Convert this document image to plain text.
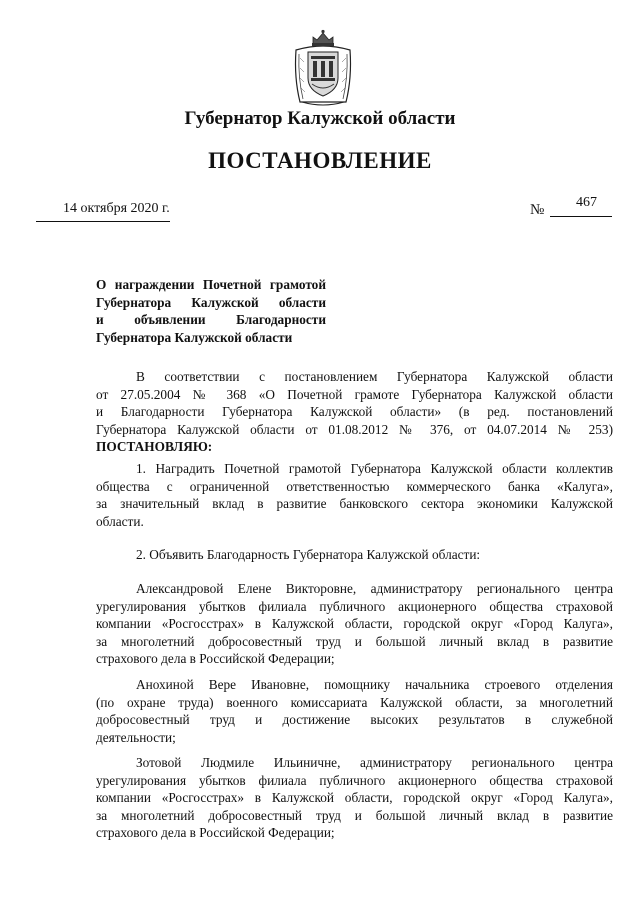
Губернатор Калужской области
ПОСТАНОВЛЕНИЕ
14 октября 2020 г.	№ 467
О награждении Почетной грамотой
Губернатора Калужской области
и объявлении Благодарности
Губернатора Калужской области
В соответствии с постановлением Губернатора Калужской области
от 27.05.2004 № 368 «О Почетной грамоте Губернатора Калужской области
и Благодарности Губернатора Калужской области» (в ред. постановлений
Губернатора Калужской области от 01.08.2012 № 376, от 04.07.2014 № 253)
ПОСТАНОВЛЯЮ:
1. Наградить Почетной грамотой Губернатора Калужской области коллектив
общества с ограниченной ответственностью коммерческого банка «Калуга»,
за значительный вклад в развитие банковского сектора экономики Калужской
области.
2. Объявить Благодарность Губернатора Калужской области:
Александровой Елене Викторовне, администратору регионального центра
урегулирования убытков филиала публичного акционерного общества страховой
компании «Росгосстрах» в Калужской области, городской округ «Город Калуга»,
за многолетний добросовестный труд и большой личный вклад в развитие
страхового дела в Российской Федерации;
Анохиной Вере Ивановне, помощнику начальника строевого отделения
(по охране труда) военного комиссариата Калужской области, за многолетний
добросовестный труд и достижение высоких результатов в служебной
деятельности;
Зотовой Людмиле Ильиничне, администратору регионального центра
урегулирования убытков филиала публичного акционерного общества страховой
компании «Росгосстрах» в Калужской области, городской округ «Город Калуга»,
за многолетний добросовестный труд и большой личный вклад в развитие
страхового дела в Российской Федерации;
